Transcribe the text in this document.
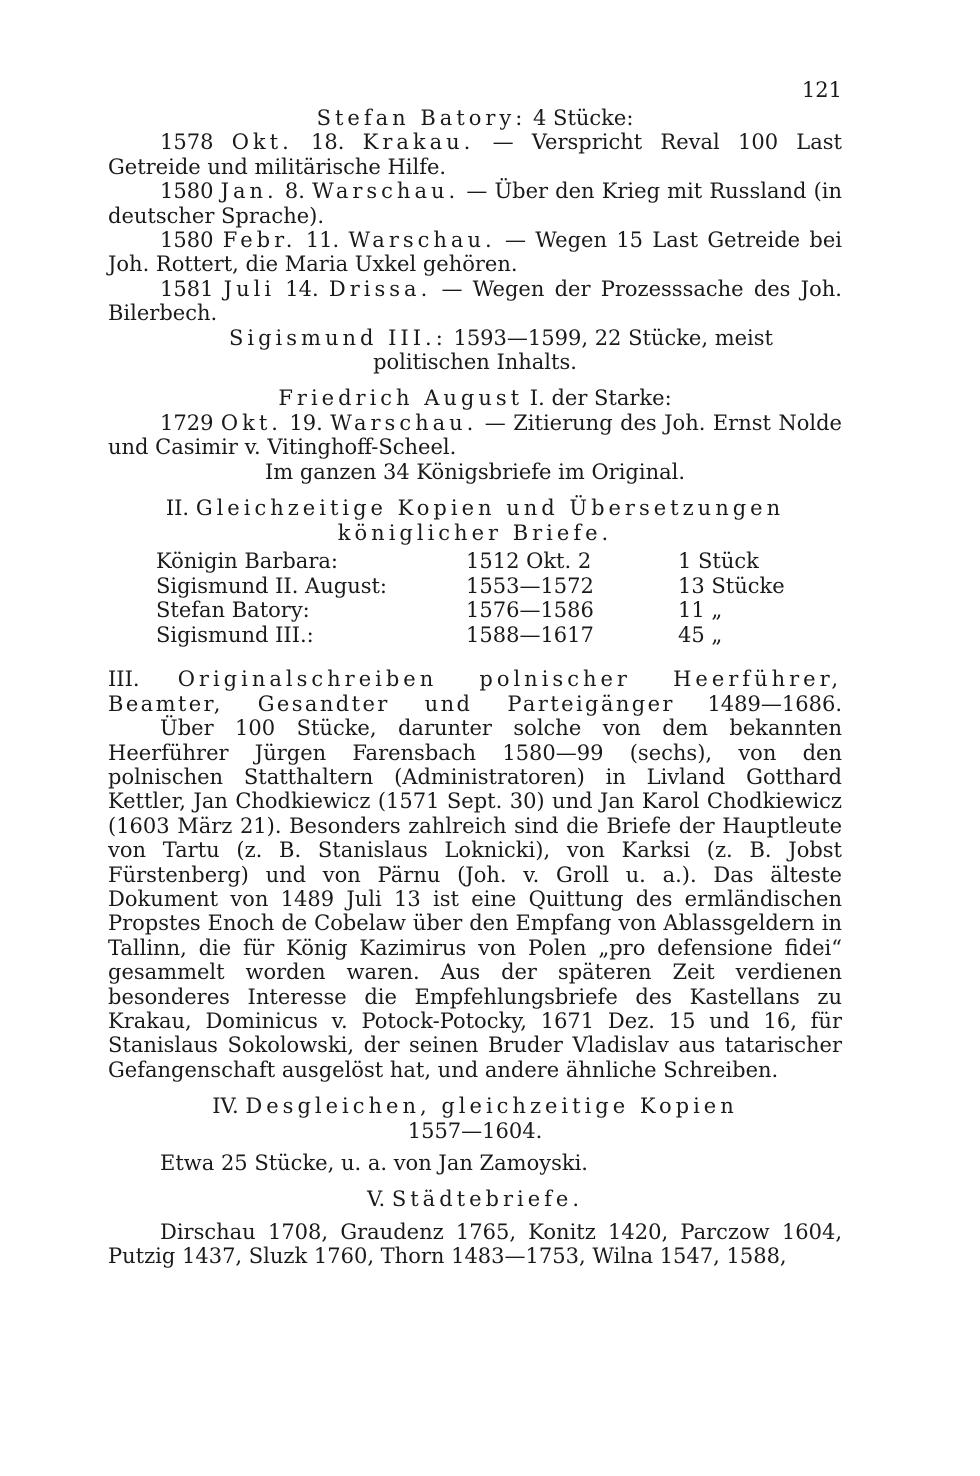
121
Stefan Batory: 4 Stücke:
1578 Okt. 18. Krakau. — Verspricht Reval 100 Last Getreide und militärische Hilfe.
1580 Jan. 8. Warschau. — Über den Krieg mit Russland (in deutscher Sprache).
1580 Febr. 11. Warschau. — Wegen 15 Last Getreide bei Joh. Rottert, die Maria Uxkel gehören.
1581 Juli 14. Drissa. — Wegen der Prozesssache des Joh. Bilerbech.
Sigismund III.: 1593—1599, 22 Stücke, meist politischen Inhalts.
Friedrich August I. der Starke:
1729 Okt. 19. Warschau. — Zitierung des Joh. Ernst Nolde und Casimir v. Vitinghoff-Scheel.
Im ganzen 34 Königsbriefe im Original.
II. Gleichzeitige Kopien und Übersetzungen
königlicher Briefe.
Königin Barbara:	1512 Okt. 2	1 Stück
Sigismund II. August:	1553—1572	13 Stücke
Stefan Batory:	1576—1586	11 „
Sigismund III.:	1588—1617	45 „
III. Originalschreiben polnischer Heerführer,
Beamter, Gesandter und Parteigänger 1489—1686.
Über 100 Stücke, darunter solche von dem bekannten Heerführer Jürgen Farensbach 1580—99 (sechs), von den polnischen Statthaltern (Administratoren) in Livland Gotthard Kettler, Jan Chodkiewicz (1571 Sept. 30) und Jan Karol Chodkiewicz (1603 März 21). Besonders zahlreich sind die Briefe der Hauptleute von Tartu (z. B. Stanislaus Loknicki), von Karksi (z. B. Jobst Fürstenberg) und von Pärnu (Joh. v. Groll u. a.). Das älteste Dokument von 1489 Juli 13 ist eine Quittung des ermländischen Propstes Enoch de Cobelaw über den Empfang von Ablassgeldern in Tallinn, die für König Kazimirus von Polen „pro defensione fidei“ gesammelt worden waren. Aus der späteren Zeit verdienen besonderes Interesse die Empfehlungsbriefe des Kastellans zu Krakau, Dominicus v. Potock-Potocky, 1671 Dez. 15 und 16, für Stanislaus Sokolowski, der seinen Bruder Vladislav aus tatarischer Gefangenschaft ausgelöst hat, und andere ähnliche Schreiben.
IV. Desgleichen, gleichzeitige Kopien
1557—1604.
Etwa 25 Stücke, u. a. von Jan Zamoyski.
V. Städtebriefe.
Dirschau 1708, Graudenz 1765, Konitz 1420, Parczow 1604, Putzig 1437, Sluzk 1760, Thorn 1483—1753, Wilna 1547, 1588,
